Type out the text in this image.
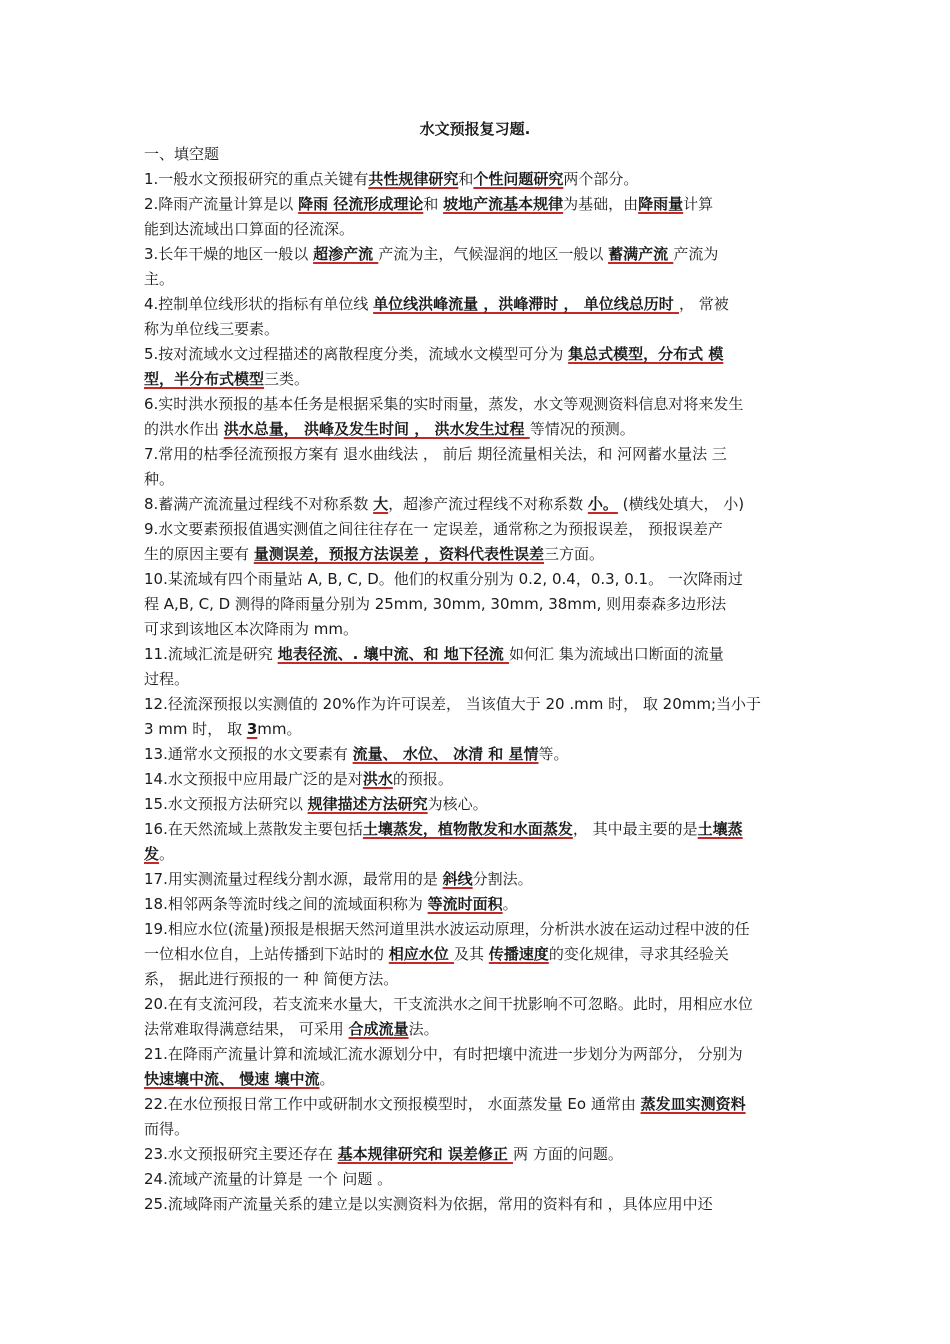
水文预报复习题.
一、填空题
1.一般水文预报研究的重点关键有共性规律研究和个性问题研究两个部分。
2.降雨产流量计算是以 降雨 径流形成理论和 坡地产流基本规律为基础，由降雨量计算
能到达流域出口算面的径流深。
3.长年干燥的地区一般以 超渗产流 产流为主，气候湿润的地区一般以 蓄满产流 产流为
主。
4.控制单位线形状的指标有单位线 单位线洪峰流量 ，洪峰滞时 ， 单位线总历时 ， 常被
称为单位线三要素。
5.按对流域水文过程描述的离散程度分类，流域水文模型可分为 集总式模型，分布式 模
型，半分布式模型三类。
6.实时洪水预报的基本任务是根据采集的实时雨量，蒸发，水文等观测资料信息对将来发生
的洪水作出 洪水总量， 洪峰及发生时间 ， 洪水发生过程 等情况的预测。
7.常用的枯季径流预报方案有 退水曲线法 ， 前后 期径流量相关法，和 河网蓄水量法 三
种。
8.蓄满产流流量过程线不对称系数 大，超渗产流过程线不对称系数 小。 (横线处填大， 小)
9.水文要素预报值遇实测值之间往往存在一 定误差，通常称之为预报误差， 预报误差产
生的原因主要有 量测误差，预报方法误差 ，资料代表性误差三方面。
10.某流域有四个雨量站 A, B, C, D。他们的权重分别为 0.2, 0.4，0.3, 0.1。 一次降雨过
程 A,B, C, D 测得的降雨量分别为 25mm, 30mm, 30mm, 38mm, 则用泰森多边形法
可求到该地区本次降雨为 mm。
11.流域汇流是研究 地表径流、. 壤中流、和 地下径流 如何汇 集为流域出口断面的流量
过程。
12.径流深预报以实测值的 20%作为许可误差， 当该值大于 20 .mm 时， 取 20mm;当小于
3 mm 时， 取 3mm。
13.通常水文预报的水文要素有 流量、 水位、 冰清 和 星情等。
14.水文预报中应用最广泛的是对洪水的预报。
15.水文预报方法研究以 规律描述方法研究为核心。
16.在天然流域上蒸散发主要包括土壤蒸发，植物散发和水面蒸发， 其中最主要的是土壤蒸
发。
17.用实测流量过程线分割水源，最常用的是 斜线分割法。
18.相邻两条等流时线之间的流域面积称为 等流时面积。
19.相应水位(流量)预报是根据天然河道里洪水波运动原理，分析洪水波在运动过程中波的任
一位相水位自，上站传播到下站时的 相应水位 及其 传播速度的变化规律，寻求其经验关
系， 据此进行预报的一 种 简便方法。
20.在有支流河段，若支流来水量大，干支流洪水之间干扰影响不可忽略。此时，用相应水位
法常难取得满意结果， 可采用 合成流量法。
21.在降雨产流量计算和流域汇流水源划分中，有时把壤中流进一步划分为两部分， 分别为
快速壤中流、 慢速 壤中流。
22.在水位预报日常工作中或研制水文预报模型时， 水面蒸发量 Eo 通常由 蒸发皿实测资料
而得。
23.水文预报研究主要还存在 基本规律研究和 误差修正 两 方面的问题。
24.流域产流量的计算是 一个 问题 。
25.流域降雨产流量关系的建立是以实测资料为依据，常用的资料有和 ，具体应用中还
